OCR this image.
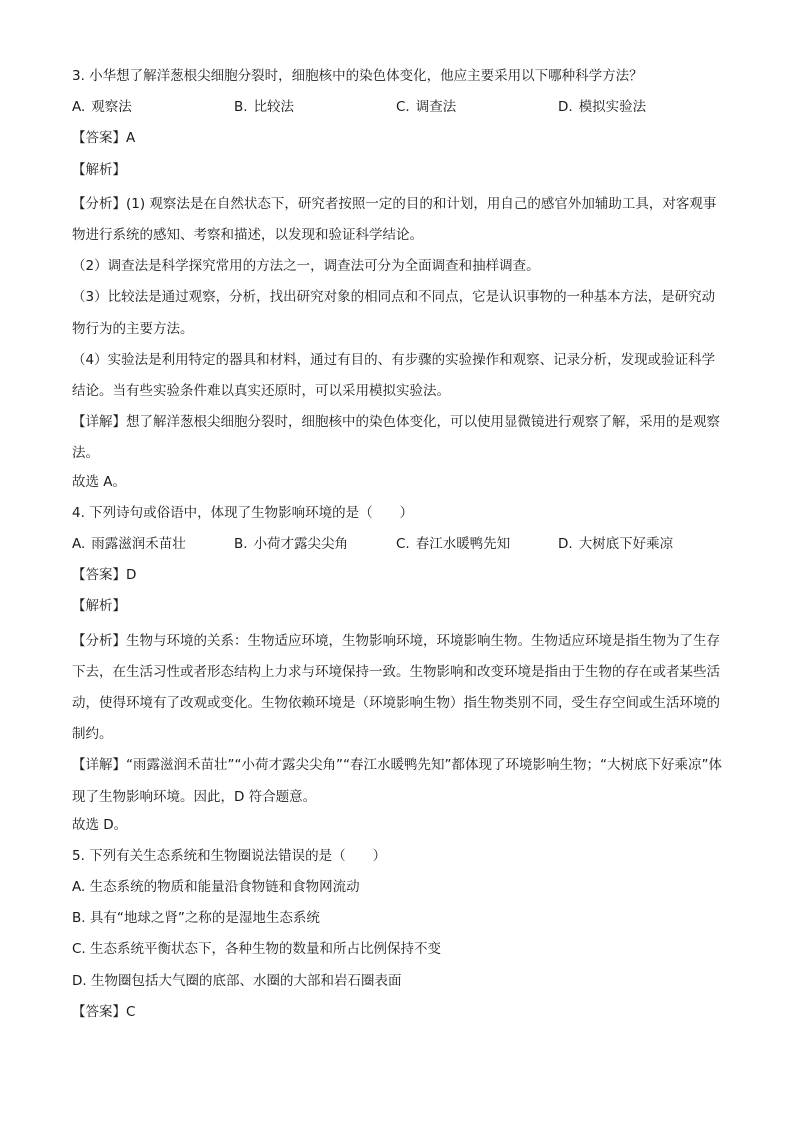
3. 小华想了解洋葱根尖细胞分裂时，细胞核中的染色体变化，他应主要采用以下哪种科学方法？
A. 观察法	B. 比较法	C. 调查法	D. 模拟实验法
【答案】A
【解析】
【分析】(1) 观察法是在自然状态下，研究者按照一定的目的和计划，用自己的感官外加辅助工具，对客观事物进行系统的感知、考察和描述，以发现和验证科学结论。
（2）调查法是科学探究常用的方法之一，调查法可分为全面调查和抽样调查。
（3）比较法是通过观察，分析，找出研究对象的相同点和不同点，它是认识事物的一种基本方法，是研究动物行为的主要方法。
（4）实验法是利用特定的器具和材料，通过有目的、有步骤的实验操作和观察、记录分析，发现或验证科学结论。当有些实验条件难以真实还原时，可以采用模拟实验法。
【详解】想了解洋葱根尖细胞分裂时，细胞核中的染色体变化，可以使用显微镜进行观察了解，采用的是观察法。
故选 A。
4. 下列诗句或俗语中，体现了生物影响环境的是（　　）
A. 雨露滋润禾苗壮	B. 小荷才露尖尖角	C. 春江水暖鸭先知	D. 大树底下好乘凉
【答案】D
【解析】
【分析】生物与环境的关系：生物适应环境，生物影响环境，环境影响生物。生物适应环境是指生物为了生存下去，在生活习性或者形态结构上力求与环境保持一致。生物影响和改变环境是指由于生物的存在或者某些活动，使得环境有了改观或变化。生物依赖环境是（环境影响生物）指生物类别不同，受生存空间或生活环境的制约。
【详解】“雨露滋润禾苗壮”“小荷才露尖尖角”“春江水暖鸭先知”都体现了环境影响生物；“大树底下好乘凉”体现了生物影响环境。因此，D 符合题意。
故选 D。
5. 下列有关生态系统和生物圈说法错误的是（　　）
A. 生态系统的物质和能量沿食物链和食物网流动
B. 具有“地球之肾”之称的是湿地生态系统
C. 生态系统平衡状态下，各种生物的数量和所占比例保持不变
D. 生物圈包括大气圈的底部、水圈的大部和岩石圈表面
【答案】C
